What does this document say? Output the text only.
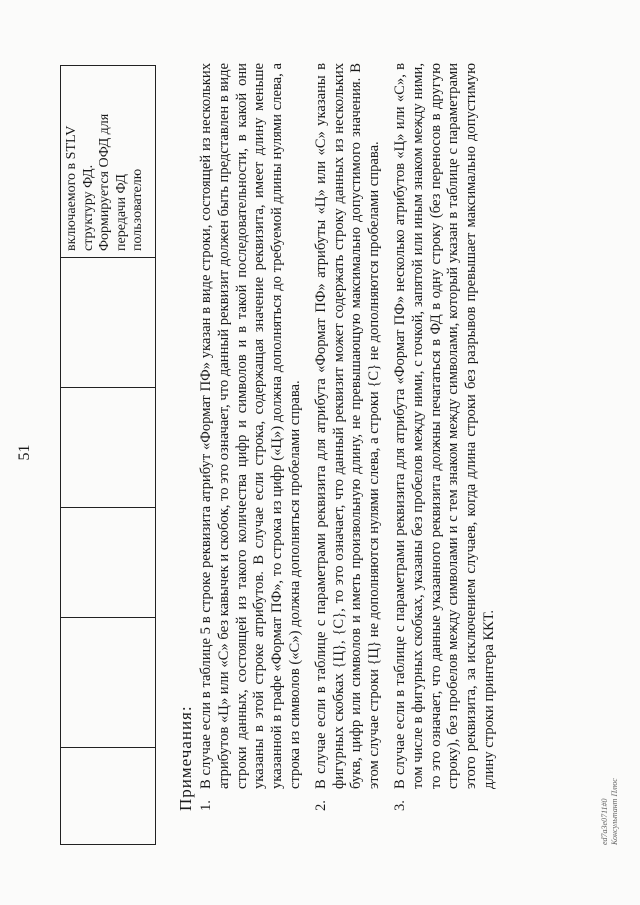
51
включаемого в STLV структуру ФД. Формируется ОФД для передачи ФД пользователю
Примечания: 1.
В случае если в таблице 5 в строке реквизита атрибут «Формат ПФ» указан в виде строки, состоящей из нескольких атрибутов «Ц» или «С» без кавычек и скобок, то это означает, что данный реквизит должен быть представлен в виде строки данных, состоящей из такого количества цифр и символов и в такой последовательности, в какой они указаны в этой строке атрибутов. В случае если строка, содержащая значение реквизита, имеет длину меньше указанной в графе «Формат ПФ», то строка из цифр («Ц») должна дополняться до требуемой длины нулями слева, а строка из символов («С») должна дополняться пробелами справа.
2.
В случае если в таблице с параметрами реквизита для атрибута «Формат ПФ» атрибуты «Ц» или «С» указаны в фигурных скобках {Ц}, {С}, то это означает, что данный реквизит может содержать строку данных из нескольких букв, цифр или символов и иметь произвольную длину, не превышающую максимально допустимого значения. В этом случае строки {Ц} не дополняются нулями слева, а строки {С} не дополняются пробелами справа.
3.
В случае если в таблице с параметрами реквизита для атрибута «Формат ПФ» несколько атрибутов «Ц» или «С», в том числе в фигурных скобках, указаны без пробелов между ними, с точкой, запятой или иным знаком между ними, то это означает, что данные указанного реквизита должны печататься в ФД в одну строку (без переносов в другую строку), без пробелов между символами и с тем знаком между символами, который указан в таблице с параметрами этого реквизита, за исключением случаев, когда длина строки без разрывов превышает максимально допустимую длину строки принтера ККТ.
ed7a3e0711#0 Консультант Плюс
